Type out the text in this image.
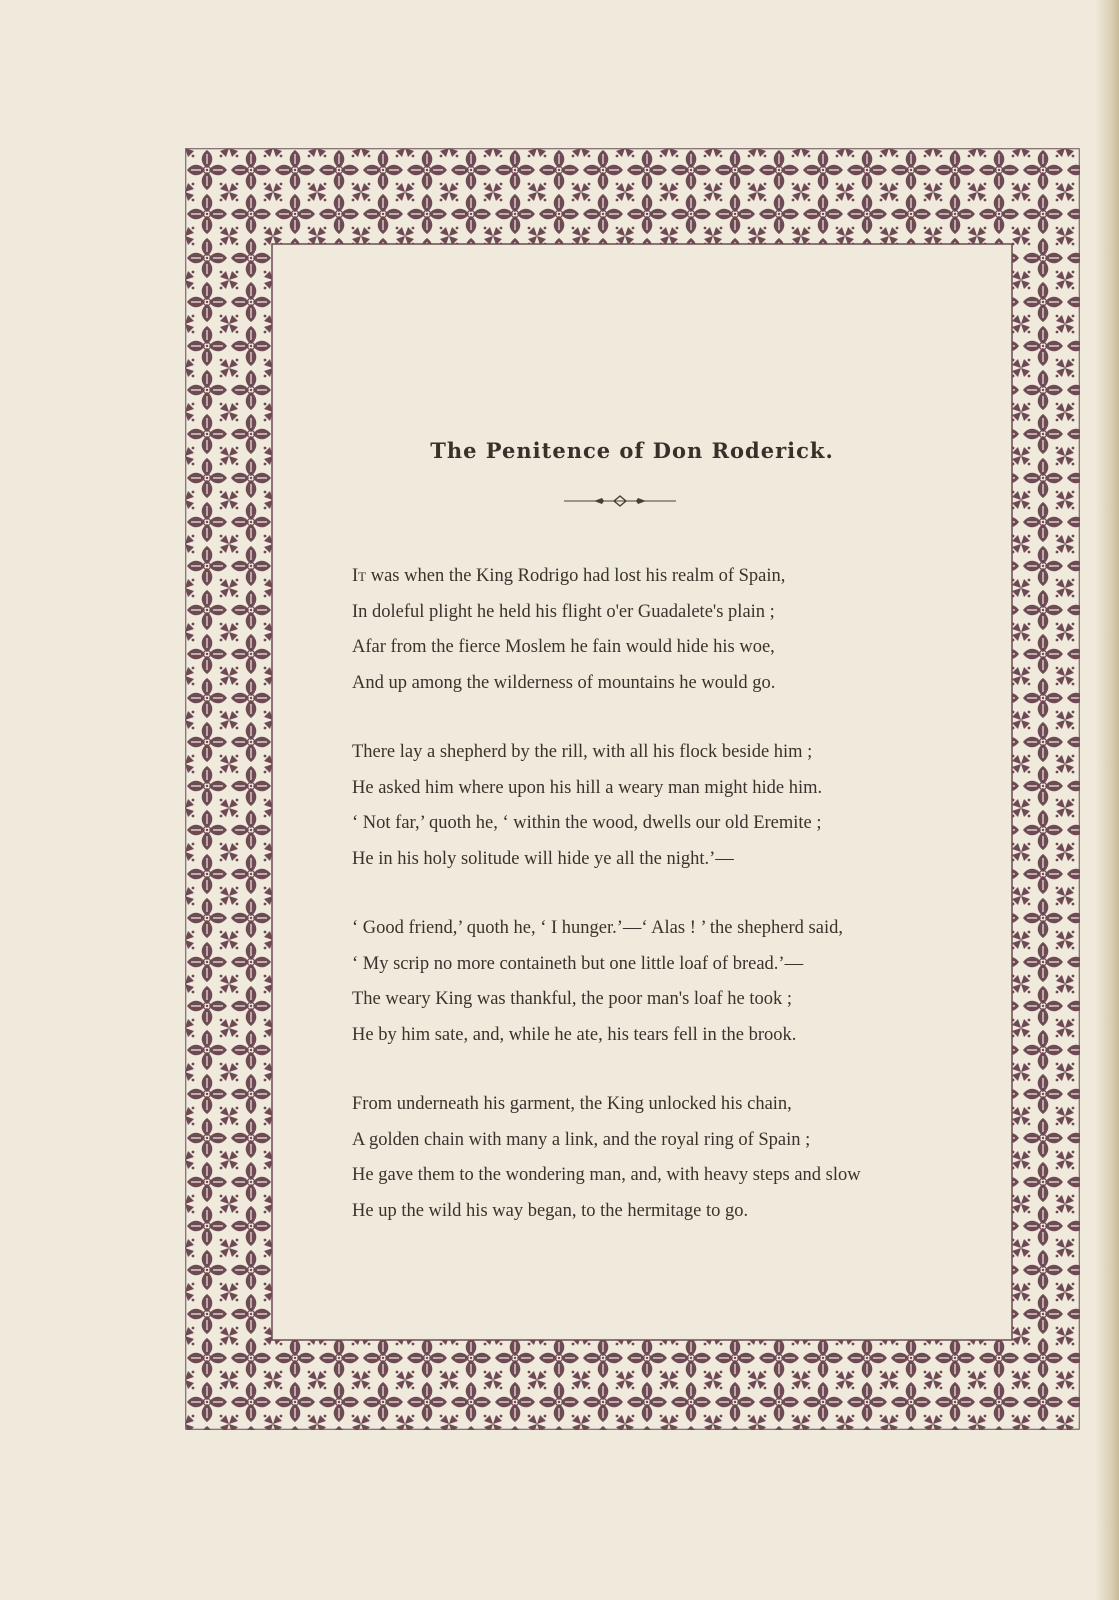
The Penitence of Don Roderick.
It was when the King Rodrigo had lost his realm of Spain,
In doleful plight he held his flight o'er Guadalete's plain ;
Afar from the fierce Moslem he fain would hide his woe,
And up among the wilderness of mountains he would go.
There lay a shepherd by the rill, with all his flock beside him ;
He asked him where upon his hill a weary man might hide him.
‘ Not far,’ quoth he, ‘ within the wood, dwells our old Eremite ;
He in his holy solitude will hide ye all the night.’—
‘ Good friend,’ quoth he, ‘ I hunger.’—‘ Alas ! ’ the shepherd said,
‘ My scrip no more containeth but one little loaf of bread.’—
The weary King was thankful, the poor man's loaf he took ;
He by him sate, and, while he ate, his tears fell in the brook.
From underneath his garment, the King unlocked his chain,
A golden chain with many a link, and the royal ring of Spain ;
He gave them to the wondering man, and, with heavy steps and slow
He up the wild his way began, to the hermitage to go.
